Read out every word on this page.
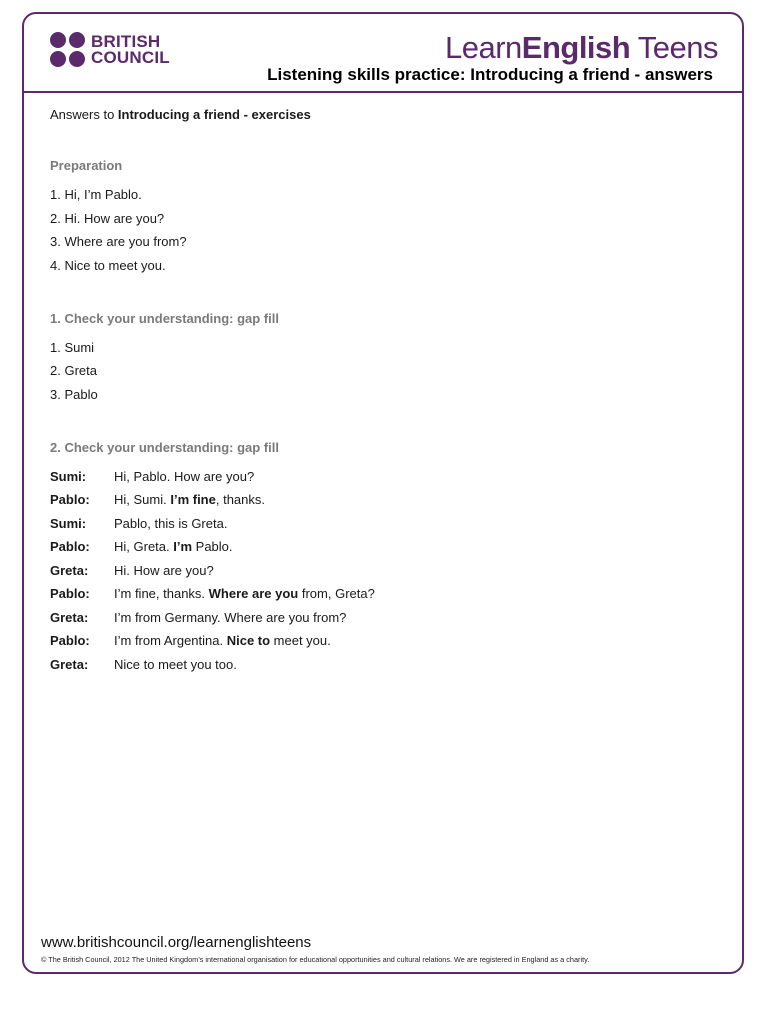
BRITISH
COUNCIL	LearnEnglish Teens
Listening skills practice: Introducing a friend - answers

Answers to Introducing a friend - exercises

Preparation
1. Hi, I’m Pablo.
2. Hi. How are you?
3. Where are you from?
4. Nice to meet you.
1. Check your understanding: gap fill
1. Sumi
2. Greta
3. Pablo
2. Check your understanding: gap fill
Sumi:	Hi, Pablo. How are you?
Pablo:	Hi, Sumi. I’m fine, thanks.
Sumi:	Pablo, this is Greta.
Pablo:	Hi, Greta. I’m Pablo.
Greta:	Hi. How are you?
Pablo:	I’m fine, thanks. Where are you from, Greta?
Greta:	I’m from Germany. Where are you from?
Pablo:	I’m from Argentina. Nice to meet you.
Greta:	Nice to meet you too.
www.britishcouncil.org/learnenglishteens
© The British Council, 2012 The United Kingdom’s international organisation for educational opportunities and cultural relations. We are registered in England as a charity.
